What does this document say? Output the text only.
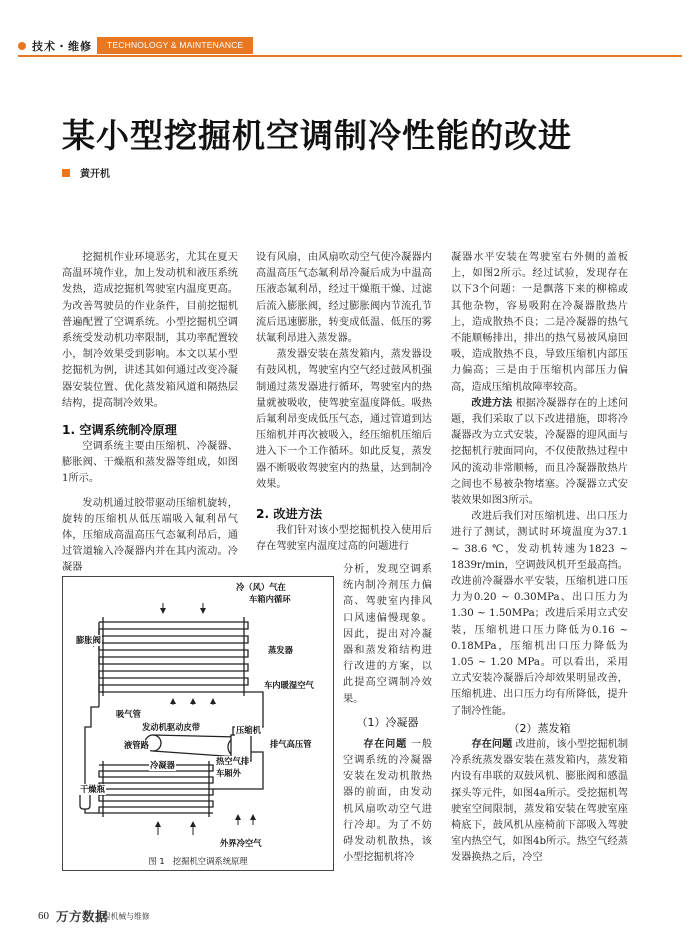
技术・维修	TECHNOLOGY & MAINTENANCE
某小型挖掘机空调制冷性能的改进
黄开机

挖掘机作业环境恶劣，尤其在夏天高温环境作业，加上发动机和液压系统发热，造成挖掘机驾驶室内温度更高。为改善驾驶员的作业条件，目前挖掘机普遍配置了空调系统。小型挖掘机空调系统受发动机功率限制，其功率配置较小，制冷效果受到影响。本文以某小型挖掘机为例，讲述其如何通过改变冷凝器安装位置、优化蒸发箱风道和隔热层结构，提高制冷效果。

1. 空调系统制冷原理

空调系统主要由压缩机、冷凝器、膨胀阀、干燥瓶和蒸发器等组成，如图1所示。

发动机通过胶带驱动压缩机旋转，旋转的压缩机从低压端吸入氟利昂气体，压缩成高温高压气态氟利昂后，通过管道输入冷凝器内并在其内流动。冷凝器

设有风扇，由风扇吹动空气使冷凝器内高温高压气态氟利昂冷凝后成为中温高压液态氟利昂，经过干燥瓶干燥、过滤后流入膨胀阀，经过膨胀阀内节流孔节流后迅速膨胀，转变成低温、低压的雾状氟利昂进入蒸发器。

蒸发器安装在蒸发箱内，蒸发器设有鼓风机，驾驶室内空气经过鼓风机强制通过蒸发器进行循环，驾驶室内的热量就被吸收，使驾驶室温度降低。吸热后氟利昂变成低压气态，通过管道到达压缩机并再次被吸入，经压缩机压缩后进入下一个工作循环。如此反复，蒸发器不断吸收驾驶室内的热量，达到制冷效果。

2. 改进方法

我们针对该小型挖掘机投入使用后存在驾驶室内温度过高的问题进行

分析，发现空调系统内制冷剂压力偏高、驾驶室内排风口风速偏慢现象。因此，提出对冷凝器和蒸发箱结构进行改进的方案，以此提高空调制冷效果。

（1）冷凝器

存在问题 一般空调系统的冷凝器安装在发动机散热器的前面，由发动机风扇吹动空气进行冷却。为了不妨碍发动机散热，该小型挖掘机将冷

凝器水平安装在驾驶室右外侧的盖板上，如图2所示。经过试验，发现存在以下3个问题：一是飘落下来的柳棉或其他杂物，容易吸附在冷凝器散热片上，造成散热不良；二是冷凝器的热气不能顺畅排出，排出的热气易被风扇回吸，造成散热不良，导致压缩机内部压力偏高；三是由于压缩机内部压力偏高，造成压缩机故障率较高。

改进方法 根据冷凝器存在的上述问题，我们采取了以下改进措施，即将冷凝器改为立式安装，冷凝器的迎风面与挖掘机行驶面同向，不仅使散热过程中风的流动非常顺畅，而且冷凝器散热片之间也不易被杂物堵塞。冷凝器立式安装效果如图3所示。

改进后我们对压缩机进、出口压力进行了测试，测试时环境温度为37.1 ~ 38.6 ℃，发动机转速为1823 ~ 1839r/min，空调鼓风机开至最高挡。改进前冷凝器水平安装，压缩机进口压力为0.20 ~ 0.30MPa、出口压力为1.30 ~ 1.50MPa；改进后采用立式安装，压缩机进口压力降低为0.16 ~ 0.18MPa，压缩机出口压力降低为1.05 ~ 1.20 MPa。可以看出，采用立式安装冷凝器后冷却效果明显改善，压缩机进、出口压力均有所降低，提升了制冷性能。

（2）蒸发箱

存在问题 改进前，该小型挖掘机制冷系统蒸发器安装在蒸发箱内，蒸发箱内设有串联的双鼓风机、膨胀阀和感温探头等元件，如图4a所示。受挖掘机驾驶室空间限制，蒸发箱安装在驾驶室座椅底下，鼓风机从座椅前下部吸入驾驶室内热空气，如图4b所示。热空气经蒸发器换热之后，冷空

冷（风）气在
车箱内循环
膨胀阀
蒸发器
车内暖湿空气
吸气管
发动机驱动皮带	压缩机
液管路	排气高压管
冷凝器	热空气排
车厢外
干燥瓶
外界冷空气
图 1　挖掘机空调系统原理
60 万方数据
工程机械与维修
